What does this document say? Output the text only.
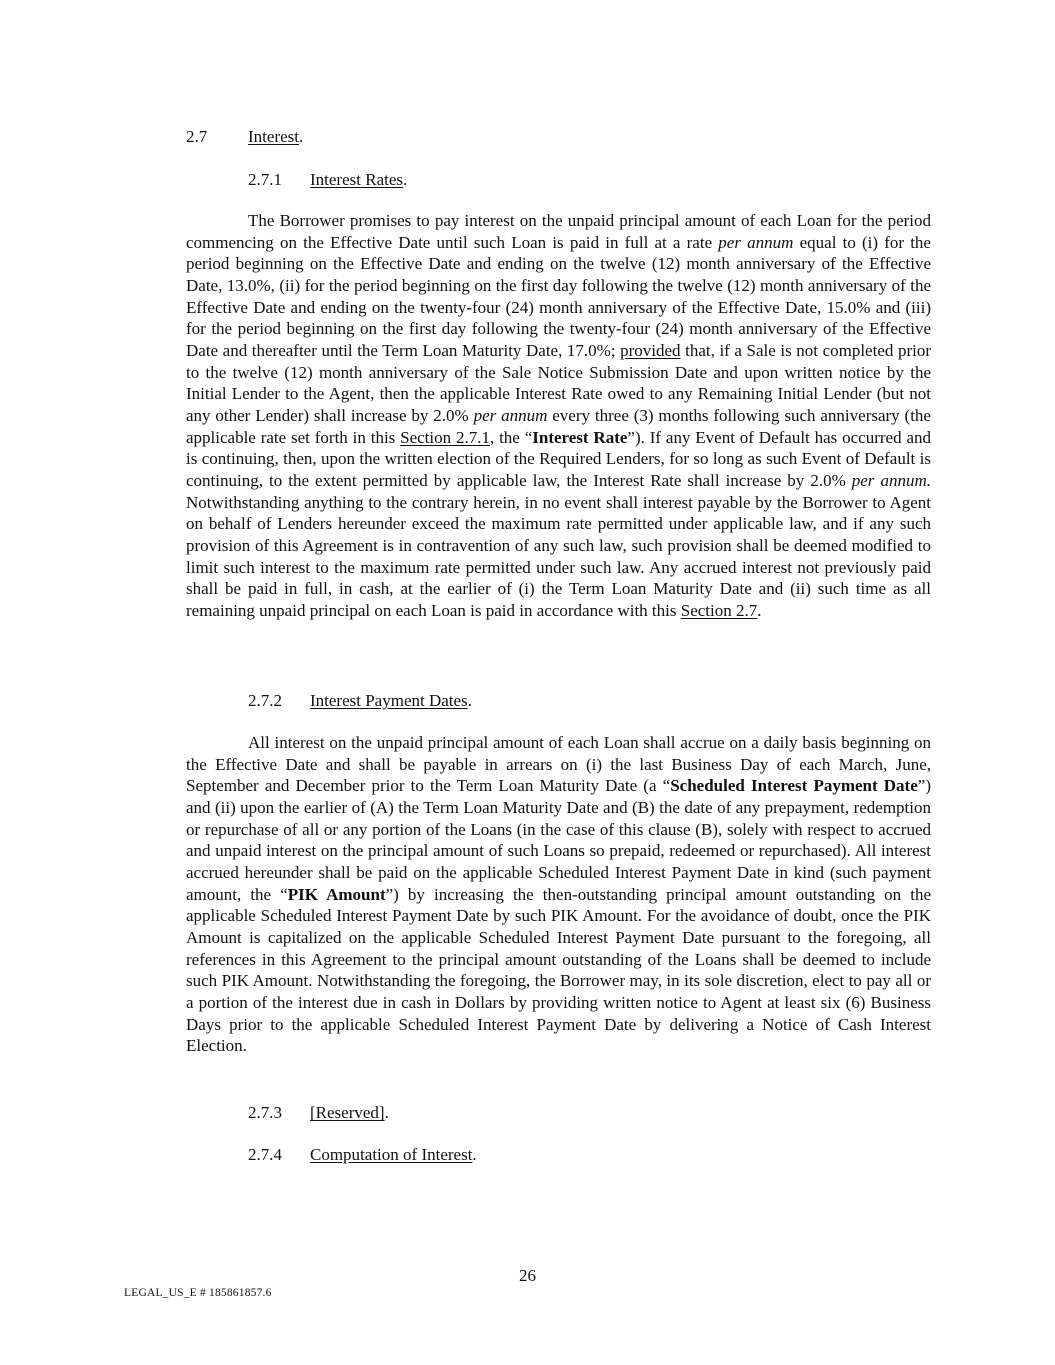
2.7 Interest.
2.7.1 Interest Rates.

The Borrower promises to pay interest on the unpaid principal amount of each Loan for the period commencing on the Effective Date until such Loan is paid in full at a rate per annum equal to (i) for the period beginning on the Effective Date and ending on the twelve (12) month anniversary of the Effective Date, 13.0%, (ii) for the period beginning on the first day following the twelve (12) month anniversary of the Effective Date and ending on the twenty-four (24) month anniversary of the Effective Date, 15.0% and (iii) for the period beginning on the first day following the twenty-four (24) month anniversary of the Effective Date and thereafter until the Term Loan Maturity Date, 17.0%; provided that, if a Sale is not completed prior to the twelve (12) month anniversary of the Sale Notice Submission Date and upon written notice by the Initial Lender to the Agent, then the applicable Interest Rate owed to any Remaining Initial Lender (but not any other Lender) shall increase by 2.0% per annum every three (3) months following such anniversary (the applicable rate set forth in this Section 2.7.1, the “Interest Rate”). If any Event of Default has occurred and is continuing, then, upon the written election of the Required Lenders, for so long as such Event of Default is continuing, to the extent permitted by applicable law, the Interest Rate shall increase by 2.0% per annum. Notwithstanding anything to the contrary herein, in no event shall interest payable by the Borrower to Agent on behalf of Lenders hereunder exceed the maximum rate permitted under applicable law, and if any such provision of this Agreement is in contravention of any such law, such provision shall be deemed modified to limit such interest to the maximum rate permitted under such law. Any accrued interest not previously paid shall be paid in full, in cash, at the earlier of (i) the Term Loan Maturity Date and (ii) such time as all remaining unpaid principal on each Loan is paid in accordance with this Section 2.7.

2.7.2 Interest Payment Dates.

All interest on the unpaid principal amount of each Loan shall accrue on a daily basis beginning on the Effective Date and shall be payable in arrears on (i) the last Business Day of each March, June, September and December prior to the Term Loan Maturity Date (a “Scheduled Interest Payment Date”) and (ii) upon the earlier of (A) the Term Loan Maturity Date and (B) the date of any prepayment, redemption or repurchase of all or any portion of the Loans (in the case of this clause (B), solely with respect to accrued and unpaid interest on the principal amount of such Loans so prepaid, redeemed or repurchased). All interest accrued hereunder shall be paid on the applicable Scheduled Interest Payment Date in kind (such payment amount, the “PIK Amount”) by increasing the then-outstanding principal amount outstanding on the applicable Scheduled Interest Payment Date by such PIK Amount. For the avoidance of doubt, once the PIK Amount is capitalized on the applicable Scheduled Interest Payment Date pursuant to the foregoing, all references in this Agreement to the principal amount outstanding of the Loans shall be deemed to include such PIK Amount. Notwithstanding the foregoing, the Borrower may, in its sole discretion, elect to pay all or a portion of the interest due in cash in Dollars by providing written notice to Agent at least six (6) Business Days prior to the applicable Scheduled Interest Payment Date by delivering a Notice of Cash Interest Election.

2.7.3 [Reserved].
2.7.4 Computation of Interest.
26
LEGAL_US_E # 185861857.6
